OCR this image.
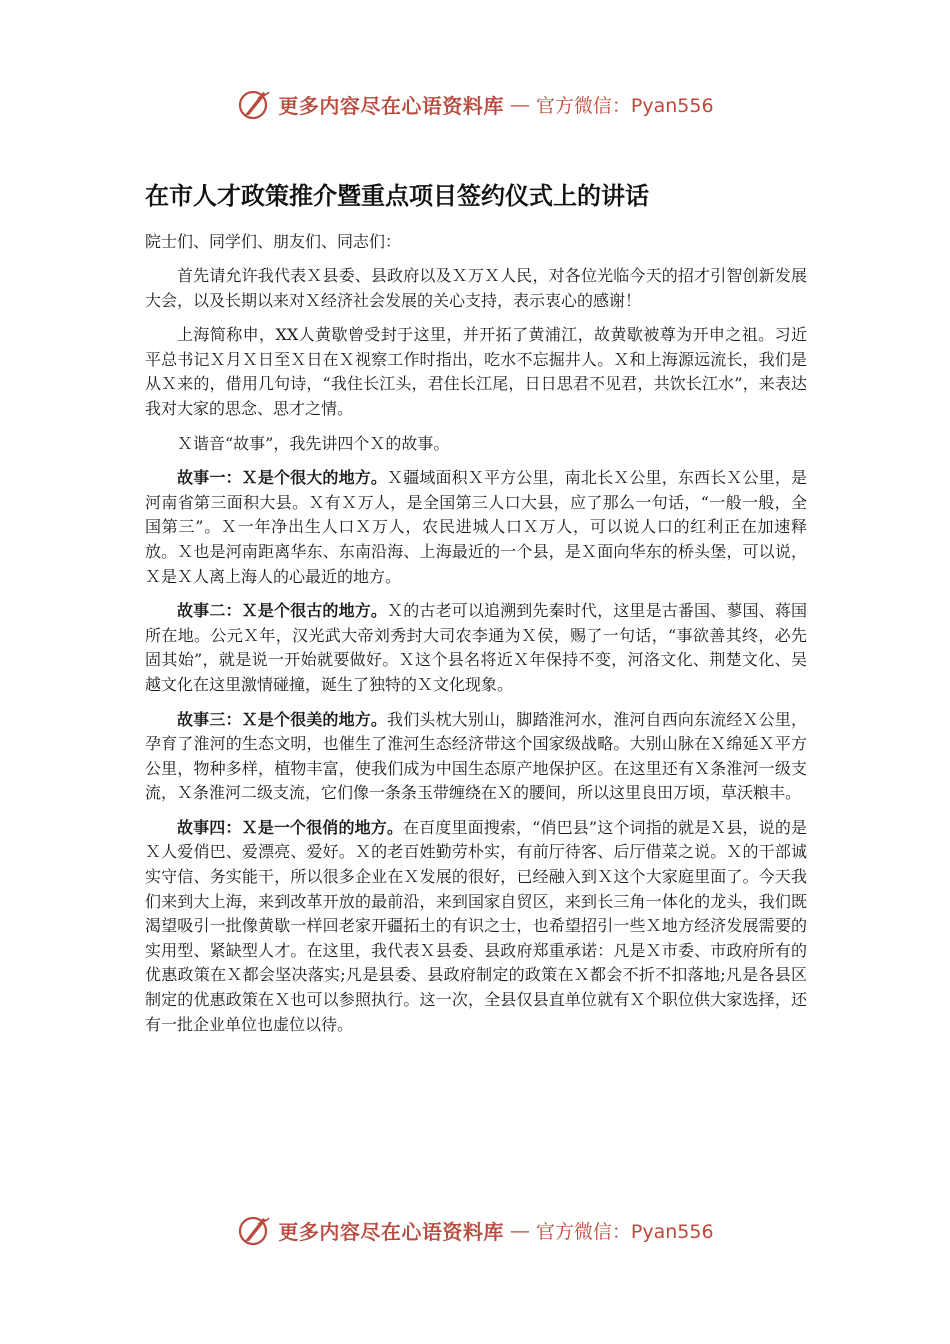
更多内容尽在心语资料库 — 官方微信：Pyan556
在市人才政策推介暨重点项目签约仪式上的讲话

院士们、同学们、朋友们、同志们：

首先请允许我代表Ｘ县委、县政府以及Ｘ万Ｘ人民，对各位光临今天的招才引智创新发展大会，以及长期以来对Ｘ经济社会发展的关心支持，表示衷心的感谢！

上海简称申，XX人黄歇曾受封于这里，并开拓了黄浦江，故黄歇被尊为开申之祖。习近平总书记Ｘ月Ｘ日至Ｘ日在Ｘ视察工作时指出，吃水不忘掘井人。Ｘ和上海源远流长，我们是从Ｘ来的，借用几句诗，“我住长江头，君住长江尾，日日思君不见君，共饮长江水”，来表达我对大家的思念、思才之情。

Ｘ谐音“故事”，我先讲四个Ｘ的故事。

故事一：Ｘ是个很大的地方。Ｘ疆域面积Ｘ平方公里，南北长Ｘ公里，东西长Ｘ公里，是河南省第三面积大县。Ｘ有Ｘ万人，是全国第三人口大县，应了那么一句话，“一般一般，全国第三”。Ｘ一年净出生人口Ｘ万人，农民进城人口Ｘ万人，可以说人口的红利正在加速释放。Ｘ也是河南距离华东、东南沿海、上海最近的一个县，是Ｘ面向华东的桥头堡，可以说，Ｘ是Ｘ人离上海人的心最近的地方。

故事二：Ｘ是个很古的地方。Ｘ的古老可以追溯到先秦时代，这里是古番国、蓼国、蒋国所在地。公元Ｘ年，汉光武大帝刘秀封大司农李通为Ｘ侯，赐了一句话，“事欲善其终，必先固其始”，就是说一开始就要做好。Ｘ这个县名将近Ｘ年保持不变，河洛文化、荆楚文化、吴越文化在这里激情碰撞，诞生了独特的Ｘ文化现象。

故事三：Ｘ是个很美的地方。我们头枕大别山，脚踏淮河水，淮河自西向东流经Ｘ公里，孕育了淮河的生态文明，也催生了淮河生态经济带这个国家级战略。大别山脉在Ｘ绵延Ｘ平方公里，物种多样，植物丰富，使我们成为中国生态原产地保护区。在这里还有Ｘ条淮河一级支流，Ｘ条淮河二级支流，它们像一条条玉带缠绕在Ｘ的腰间，所以这里良田万顷，草沃粮丰。

故事四：Ｘ是一个很俏的地方。在百度里面搜索，“俏巴县”这个词指的就是Ｘ县，说的是Ｘ人爱俏巴、爱漂亮、爱好。Ｘ的老百姓勤劳朴实，有前厅待客、后厅借菜之说。Ｘ的干部诚实守信、务实能干，所以很多企业在Ｘ发展的很好，已经融入到Ｘ这个大家庭里面了。今天我们来到大上海，来到改革开放的最前沿，来到国家自贸区，来到长三角一体化的龙头，我们既渴望吸引一批像黄歇一样回老家开疆拓土的有识之士，也希望招引一些Ｘ地方经济发展需要的实用型、紧缺型人才。在这里，我代表Ｘ县委、县政府郑重承诺：凡是Ｘ市委、市政府所有的优惠政策在Ｘ都会坚决落实;凡是县委、县政府制定的政策在Ｘ都会不折不扣落地;凡是各县区制定的优惠政策在Ｘ也可以参照执行。这一次，全县仅县直单位就有Ｘ个职位供大家选择，还有一批企业单位也虚位以待。

更多内容尽在心语资料库 — 官方微信：Pyan556
